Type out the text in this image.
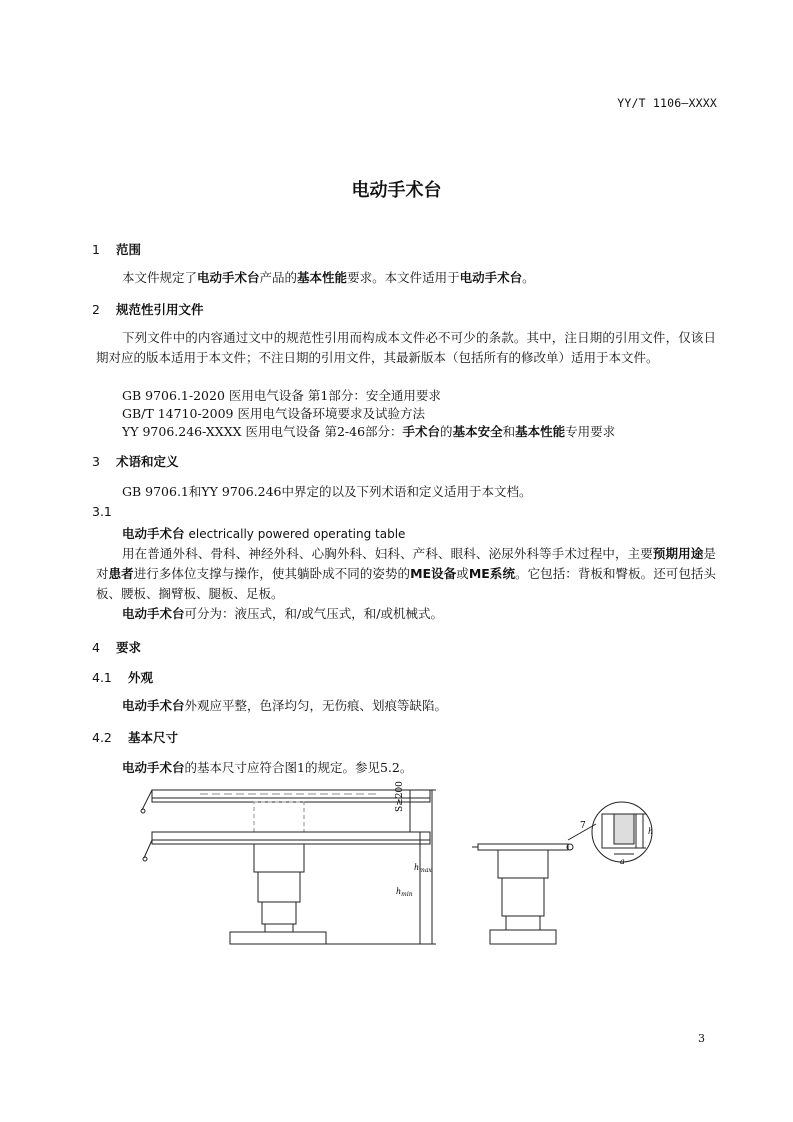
YY/T 1106—XXXX
电动手术台
1 范围
本文件规定了电动手术台产品的基本性能要求。本文件适用于电动手术台。
2 规范性引用文件
下列文件中的内容通过文中的规范性引用而构成本文件必不可少的条款。其中，注日期的引用文件，仅该日期对应的版本适用于本文件；不注日期的引用文件，其最新版本（包括所有的修改单）适用于本文件。
GB 9706.1-2020 医用电气设备 第1部分：安全通用要求
GB/T 14710-2009 医用电气设备环境要求及试验方法
YY 9706.246-XXXX 医用电气设备 第2-46部分：手术台的基本安全和基本性能专用要求
3 术语和定义
GB 9706.1和YY 9706.246中界定的以及下列术语和定义适用于本文档。
3.1
电动手术台 electrically powered operating table
用在普通外科、骨科、神经外科、心胸外科、妇科、产科、眼科、泌尿外科等手术过程中，主要预期用途是对患者进行多体位支撑与操作，使其躺卧成不同的姿势的ME设备或ME系统。它包括：背板和臀板。还可包括头板、腰板、搁臂板、腿板、足板。
电动手术台可分为：液压式，和/或气压式，和/或机械式。
4 要求
4.1 外观
电动手术台外观应平整，色泽均匀，无伤痕、划痕等缺陷。
4.2 基本尺寸
电动手术台的基本尺寸应符合图1的规定。参见5.2。
S≥200
$h_{max}$
$h_{min}$
7
h
a
3
